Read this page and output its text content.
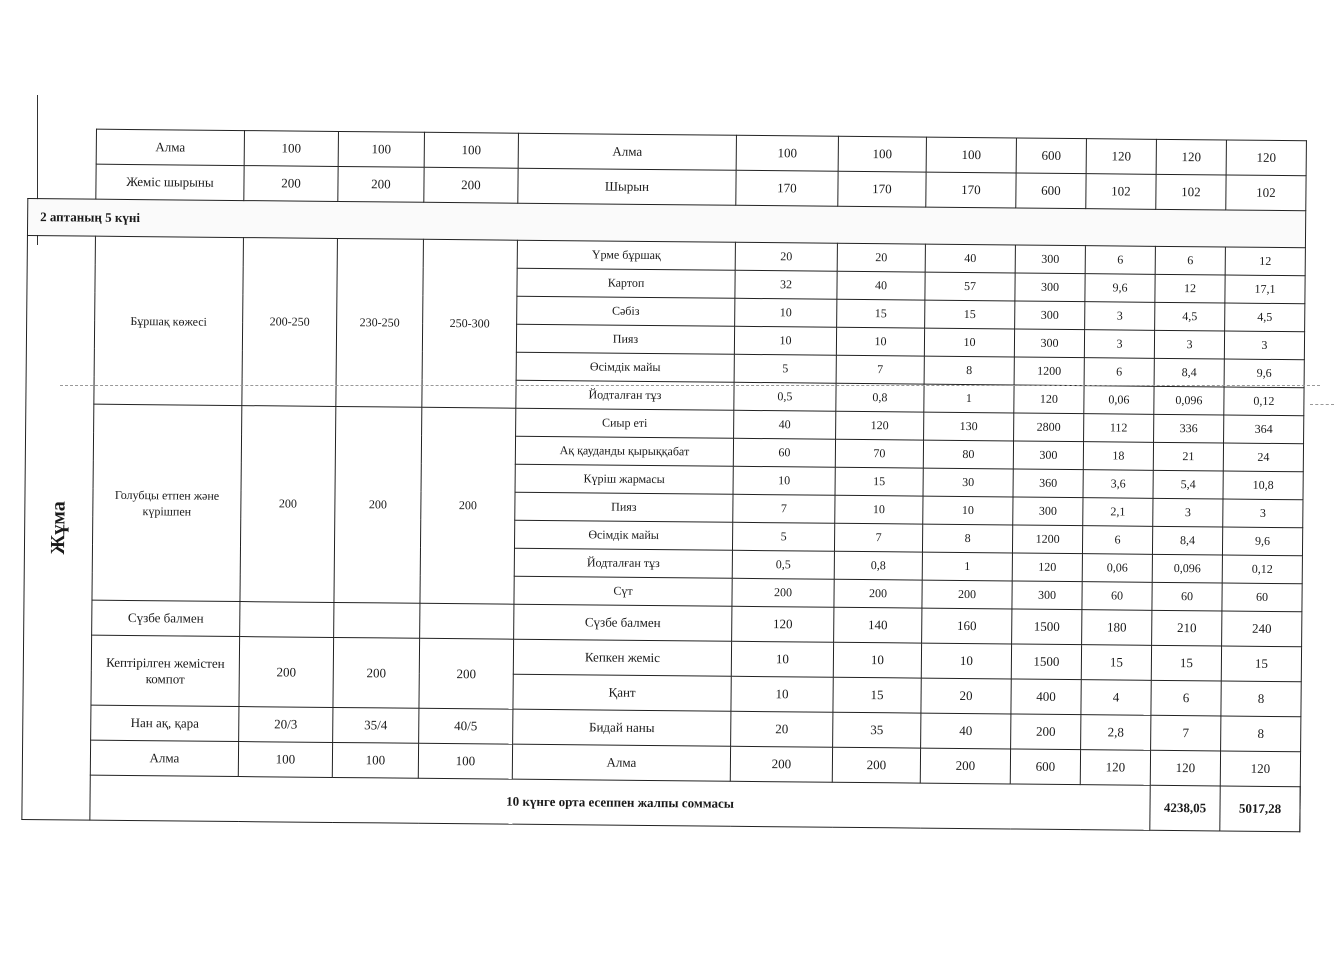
	Алма	100	100	100	Алма	100	100	100	600	120	120	120	
	Жеміс шырыны	200	200	200	Шырын	170	170	170	600	102	102	102	
2 аптаның 5 күні													
Жұма	Бұршақ көжесі	200-250	230-250	250-300	Үрме бұршақ	20	20	40	300	6	6	12	
					Картоп	32	40	57	300	9,6	12	17,1	
					Сәбіз	10	15	15	300	3	4,5	4,5	
					Пияз	10	10	10	300	3	3	3	
					Өсімдік майы	5	7	8	1200	6	8,4	9,6	
					Йодталған тұз	0,5	0,8	1	120	0,06	0,096	0,12	
	Голубцы етпен және күрішпен	200	200	200	Сиыр еті	40	120	130	2800	112	336	364	
					Ақ қауданды қырыққабат	60	70	80	300	18	21	24	
					Күріш жармасы	10	15	30	360	3,6	5,4	10,8	
					Пияз	7	10	10	300	2,1	3	3	
					Өсімдік майы	5	7	8	1200	6	8,4	9,6	
					Йодталған тұз	0,5	0,8	1	120	0,06	0,096	0,12	
					Сүт	200	200	200	300	60	60	60	
	Сүзбе балмен				Сүзбе балмен	120	140	160	1500	180	210	240	
	Кептірілген жемістен компот	200	200	200	Кепкен жеміс	10	10	10	1500	15	15	15	
					Қант	10	15	20	400	4	6	8	
	Нан ақ, қара	20/3	35/4	40/5	Бидай наны	20	35	40	200	2,8	7	8	
	Алма	100	100	100	Алма	200	200	200	600	120	120	120	
	10 күнге орта есеппен жалпы соммасы										4238,05	5017,28	
